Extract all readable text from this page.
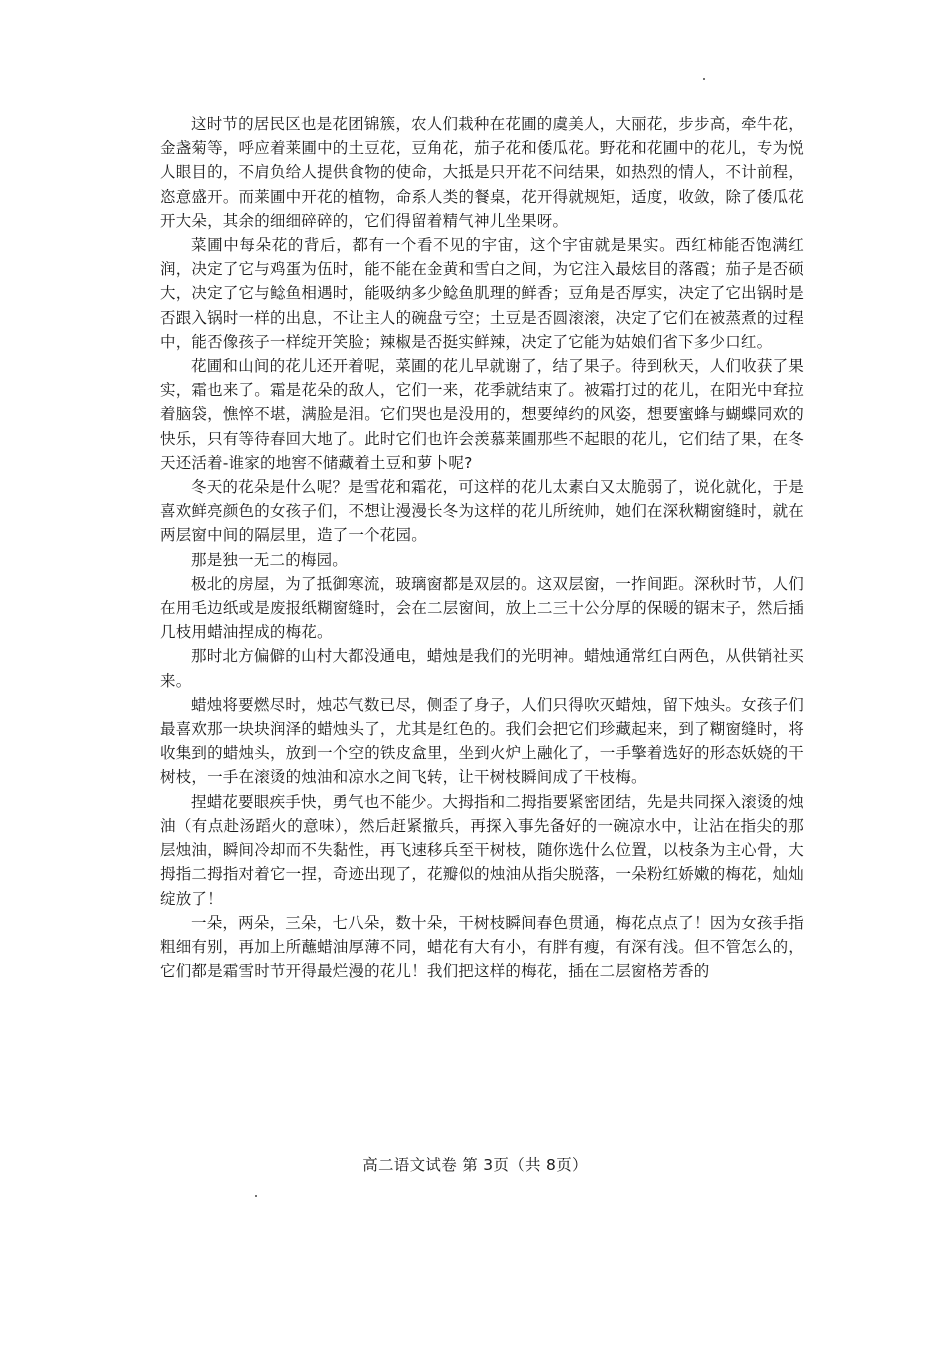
这时节的居民区也是花团锦簇，农人们栽种在花圃的虞美人，大丽花，步步高，牵牛花，金盏菊等，呼应着莱圃中的土豆花，豆角花，茄子花和倭瓜花。野花和花圃中的花儿，专为悦人眼目的，不肩负给人提供食物的使命，大抵是只开花不问结果，如热烈的情人，不计前程，恣意盛开。而莱圃中开花的植物，命系人类的餐桌，花开得就规矩，适度，收敛，除了倭瓜花开大朵，其余的细细碎碎的，它们得留着精气神儿坐果呀。

菜圃中每朵花的背后，都有一个看不见的宇宙，这个宇宙就是果实。西红柿能否饱满红润，决定了它与鸡蛋为伍时，能不能在金黄和雪白之间，为它注入最炫目的落霞；茄子是否硕大，决定了它与鲶鱼相遇时，能吸纳多少鲶鱼肌理的鲜香；豆角是否厚实，决定了它出锅时是否跟入锅时一样的出息，不让主人的碗盘亏空；土豆是否圆滚滚，决定了它们在被蒸煮的过程中，能否像孩子一样绽开笑脸；辣椒是否挺实鲜辣，决定了它能为姑娘们省下多少口红。

花圃和山间的花儿还开着呢，菜圃的花儿早就谢了，结了果子。待到秋天，人们收获了果实，霜也来了。霜是花朵的敌人，它们一来，花季就结束了。被霜打过的花儿，在阳光中耷拉着脑袋，憔悴不堪，满脸是泪。它们哭也是没用的，想要绰约的风姿，想要蜜蜂与蝴蝶同欢的快乐，只有等待春回大地了。此时它们也许会羡慕莱圃那些不起眼的花儿，它们结了果，在冬天还活着-谁家的地窖不储藏着土豆和萝卜呢?

冬天的花朵是什么呢？是雪花和霜花，可这样的花儿太素白又太脆弱了，说化就化，于是喜欢鲜亮颜色的女孩子们，不想让漫漫长冬为这样的花儿所统帅，她们在深秋糊窗缝时，就在两层窗中间的隔层里，造了一个花园。

那是独一无二的梅园。

极北的房屋，为了抵御寒流，玻璃窗都是双层的。这双层窗，一拃间距。深秋时节，人们在用毛边纸或是废报纸糊窗缝时，会在二层窗间，放上二三十公分厚的保暖的锯末子，然后插几枝用蜡油捏成的梅花。

那时北方偏僻的山村大都没通电，蜡烛是我们的光明神。蜡烛通常红白两色，从供销社买来。

蜡烛将要燃尽时，烛芯气数已尽，侧歪了身子，人们只得吹灭蜡烛，留下烛头。女孩子们最喜欢那一块块润泽的蜡烛头了，尤其是红色的。我们会把它们珍藏起来，到了糊窗缝时，将收集到的蜡烛头，放到一个空的铁皮盒里，坐到火炉上融化了，一手擎着选好的形态妖娆的干树枝，一手在滚烫的烛油和凉水之间飞转，让干树枝瞬间成了干枝梅。

捏蜡花要眼疾手快，勇气也不能少。大拇指和二拇指要紧密团结，先是共同探入滚烫的烛油（有点赴汤蹈火的意味），然后赶紧撤兵，再探入事先备好的一碗凉水中，让沾在指尖的那层烛油，瞬间冷却而不失黏性，再飞速移兵至干树枝，随你选什么位置，以枝条为主心骨，大拇指二拇指对着它一捏，奇迹出现了，花瓣似的烛油从指尖脱落，一朵粉红娇嫩的梅花，灿灿绽放了！

一朵，两朵，三朵，七八朵，数十朵，干树枝瞬间春色贯通，梅花点点了！因为女孩手指粗细有别，再加上所蘸蜡油厚薄不同，蜡花有大有小，有胖有瘦，有深有浅。但不管怎么的，它们都是霜雪时节开得最烂漫的花儿！我们把这样的梅花，插在二层窗格芳香的

高二语文试卷 第 3页（共 8页）
